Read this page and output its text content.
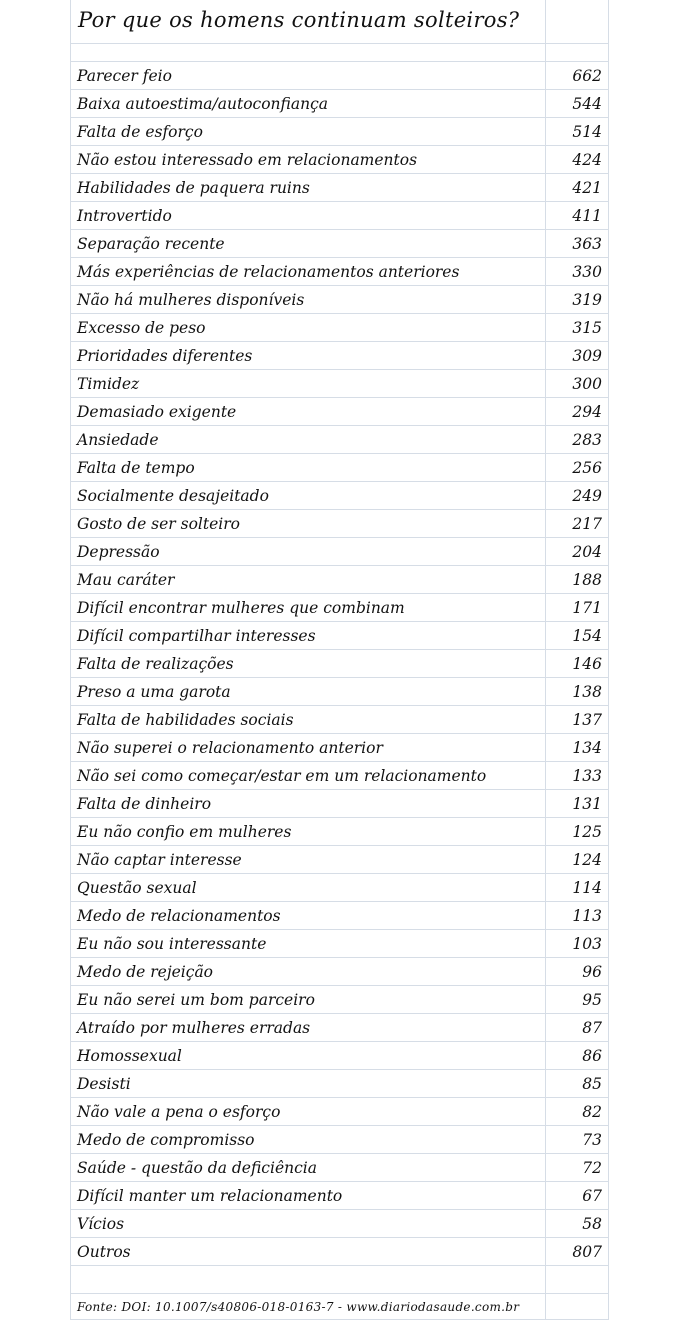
Por que os homens continuam solteiros?
Parecer feio	662
Baixa autoestima/autoconfiança	544
Falta de esforço	514
Não estou interessado em relacionamentos	424
Habilidades de paquera ruins	421
Introvertido	411
Separação recente	363
Más experiências de relacionamentos anteriores	330
Não há mulheres disponíveis	319
Excesso de peso	315
Prioridades diferentes	309
Timidez	300
Demasiado exigente	294
Ansiedade	283
Falta de tempo	256
Socialmente desajeitado	249
Gosto de ser solteiro	217
Depressão	204
Mau caráter	188
Difícil encontrar mulheres que combinam	171
Difícil compartilhar interesses	154
Falta de realizações	146
Preso a uma garota	138
Falta de habilidades sociais	137
Não superei o relacionamento anterior	134
Não sei como começar/estar em um relacionamento	133
Falta de dinheiro	131
Eu não confio em mulheres	125
Não captar interesse	124
Questão sexual	114
Medo de relacionamentos	113
Eu não sou interessante	103
Medo de rejeição	96
Eu não serei um bom parceiro	95
Atraído por mulheres erradas	87
Homossexual	86
Desisti	85
Não vale a pena o esforço	82
Medo de compromisso	73
Saúde - questão da deficiência	72
Difícil manter um relacionamento	67
Vícios	58
Outros	807
Fonte: DOI: 10.1007/s40806-018-0163-7 - www.diariodasaude.com.br
